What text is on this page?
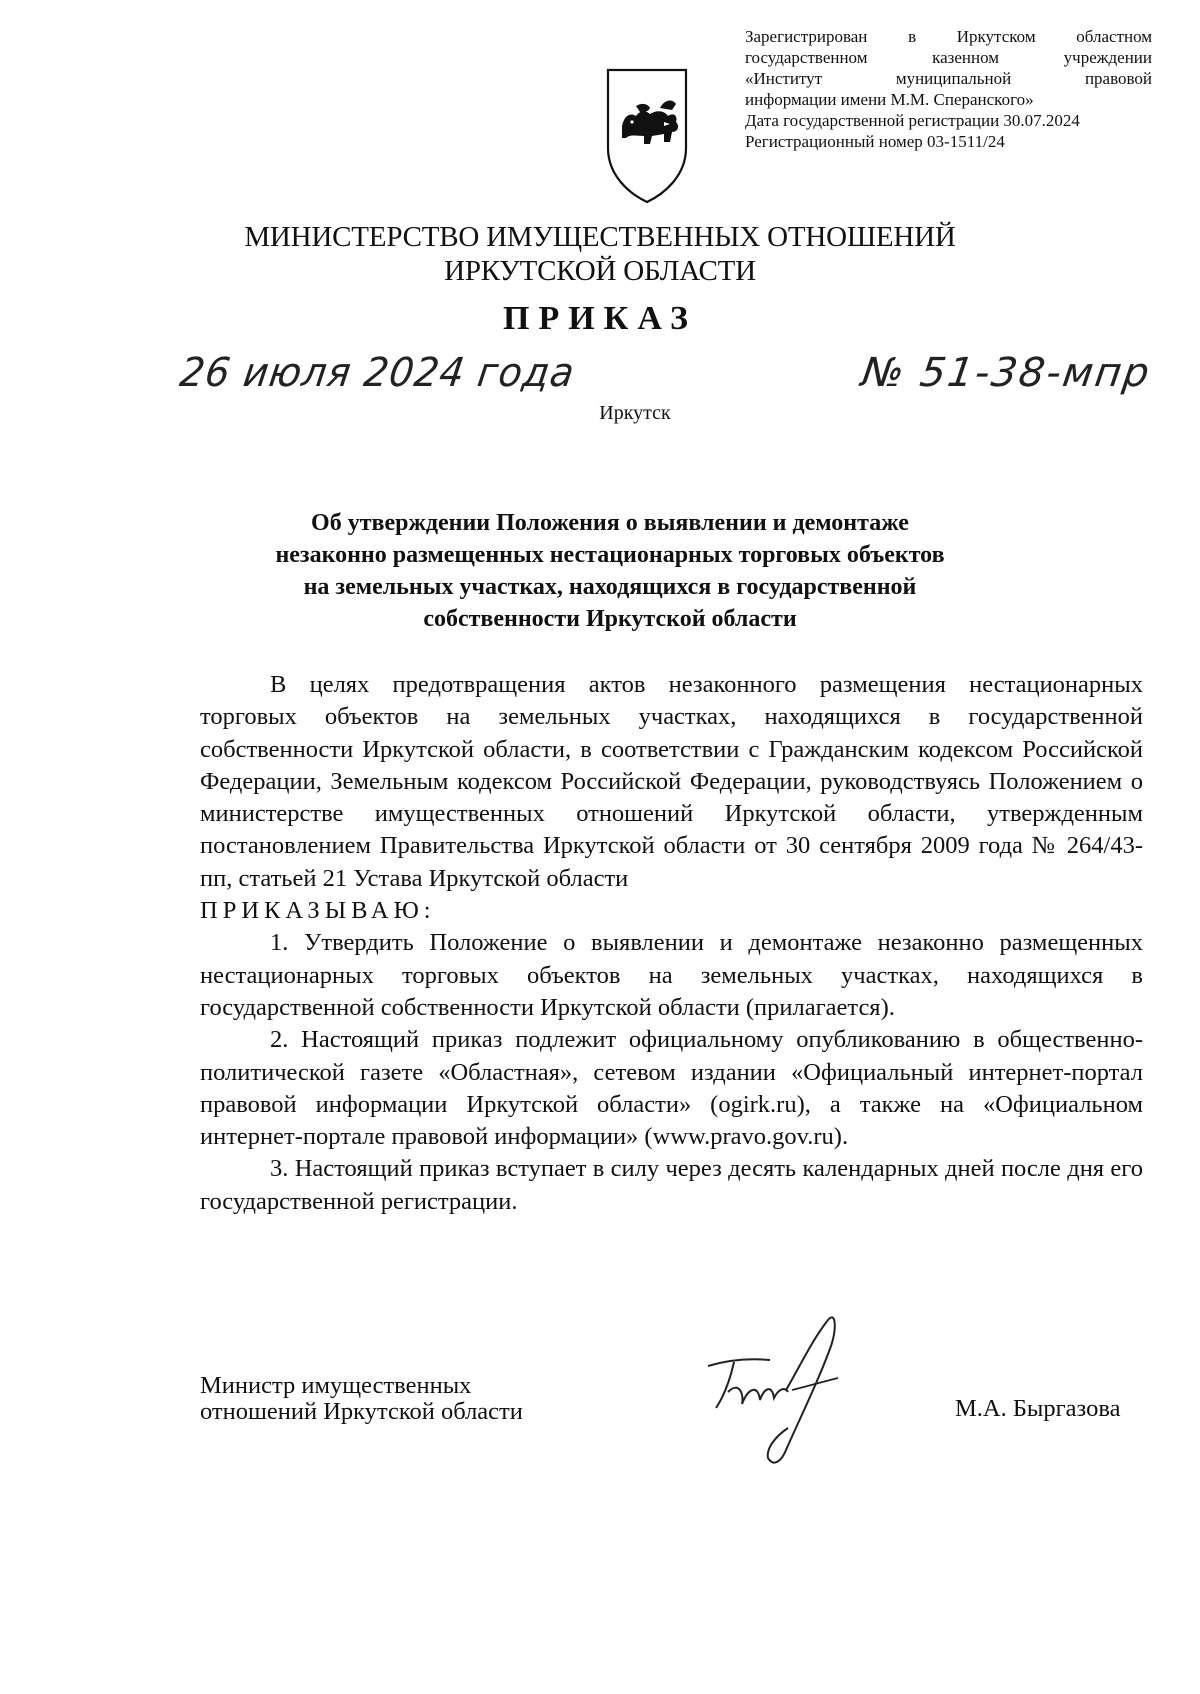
Зарегистрирован в Иркутском областном
государственном казенном учреждении
«Институт муниципальной правовой
информации имени М.М. Сперанского»
Дата государственной регистрации 30.07.2024
Регистрационный номер 03-1511/24
МИНИСТЕРСТВО ИМУЩЕСТВЕННЫХ ОТНОШЕНИЙ
ИРКУТСКОЙ ОБЛАСТИ
ПРИКАЗ
26 июля 2024 года	№ 51-38-мпр
Иркутск
Об утверждении Положения о выявлении и демонтаже
незаконно размещенных нестационарных торговых объектов
на земельных участках, находящихся в государственной
собственности Иркутской области

В целях предотвращения актов незаконного размещения нестационарных торговых объектов на земельных участках, находящихся в государственной собственности Иркутской области, в соответствии с Гражданским кодексом Российской Федерации, Земельным кодексом Российской Федерации, руководствуясь Положением о министерстве имущественных отношений Иркутской области, утвержденным постановлением Правительства Иркутской области от 30 сентября 2009 года № 264/43-пп, статьей 21 Устава Иркутской области

ПРИКАЗЫВАЮ:

1. Утвердить Положение о выявлении и демонтаже незаконно размещенных нестационарных торговых объектов на земельных участках, находящихся в государственной собственности Иркутской области (прилагается).

2. Настоящий приказ подлежит официальному опубликованию в общественно-политической газете «Областная», сетевом издании «Официальный интернет-портал правовой информации Иркутской области» (ogirk.ru), а также на «Официальном интернет-портале правовой информации» (www.pravo.gov.ru).

3. Настоящий приказ вступает в силу через десять календарных дней после дня его государственной регистрации.

Министр имущественных
отношений Иркутской области	М.А. Быргазова
